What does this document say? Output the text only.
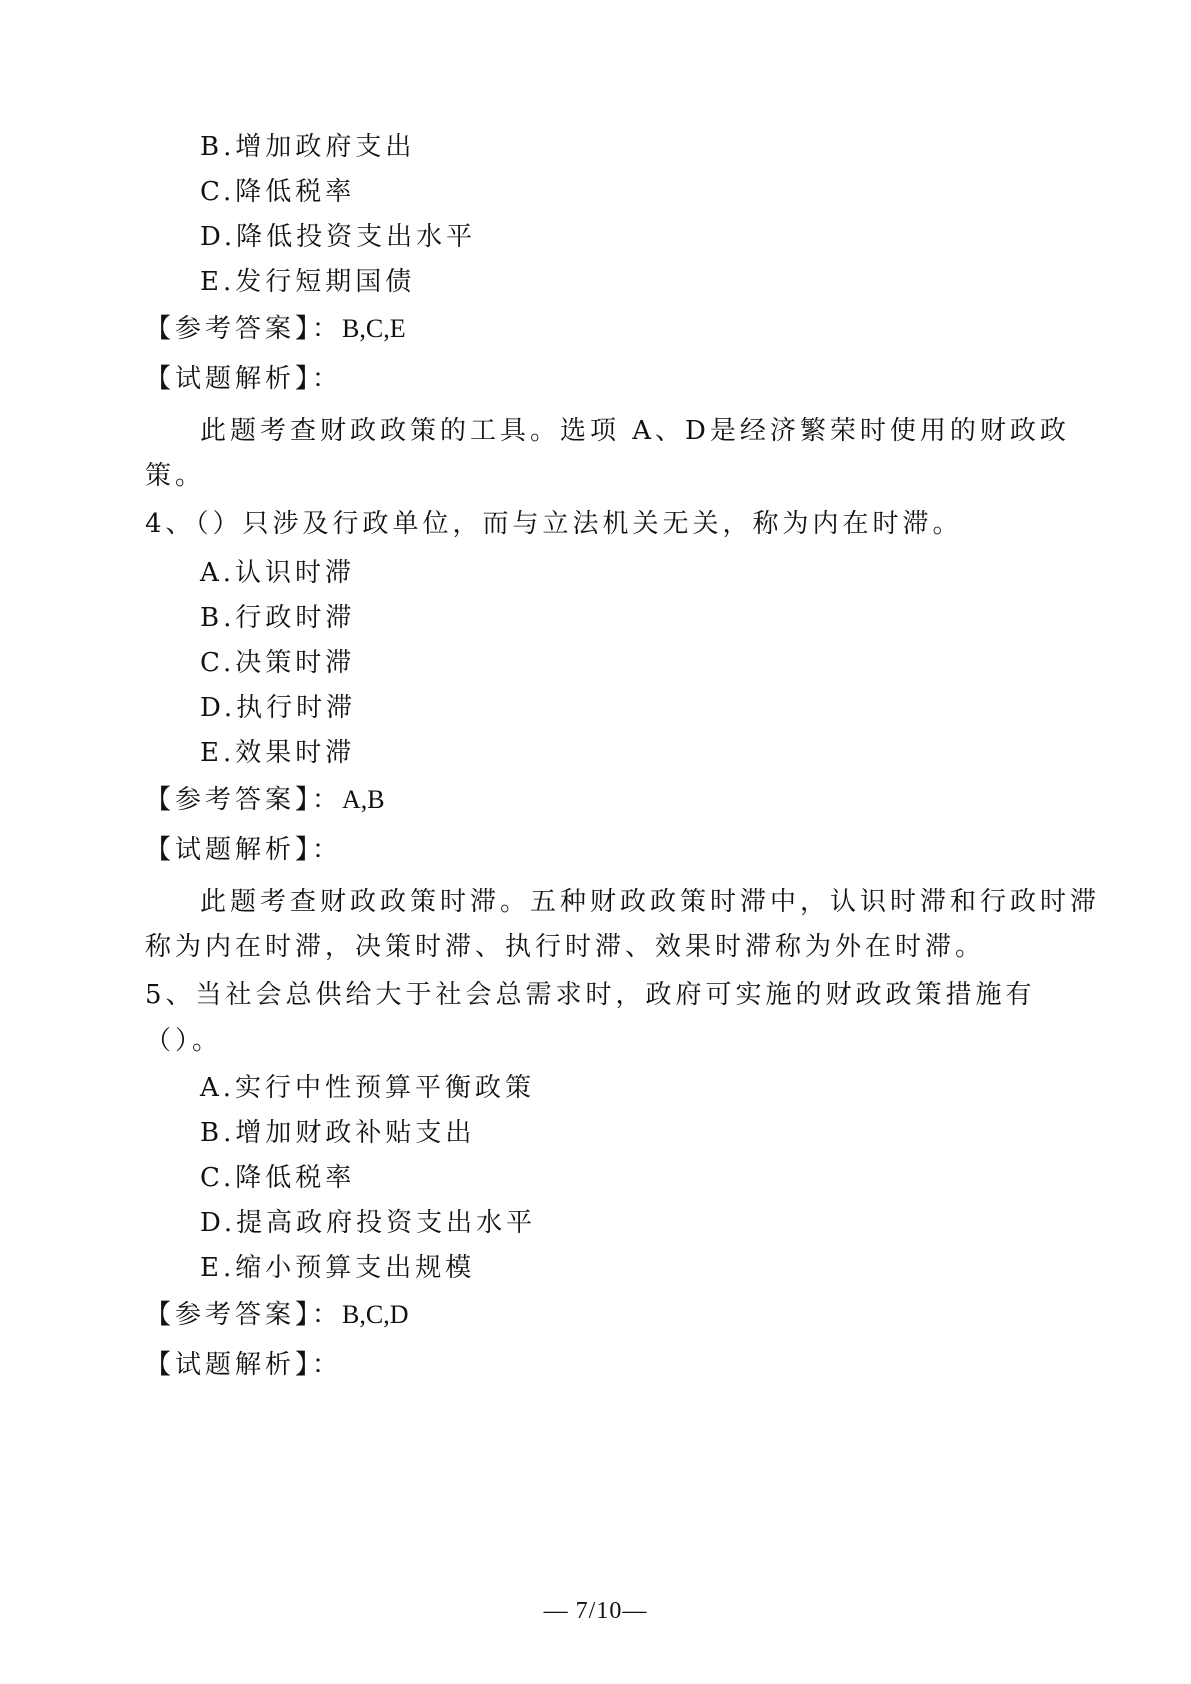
B.增加政府支出
C.降低税率
D.降低投资支出水平
E.发行短期国债
【参考答案】：B,C,E
【试题解析】：
此题考查财政政策的工具。选项 A、D是经济繁荣时使用的财政政
策。
4、（）只涉及行政单位，而与立法机关无关，称为内在时滞。
A.认识时滞
B.行政时滞
C.决策时滞
D.执行时滞
E.效果时滞
【参考答案】：A,B
【试题解析】：
此题考查财政政策时滞。五种财政政策时滞中，认识时滞和行政时滞
称为内在时滞，决策时滞、执行时滞、效果时滞称为外在时滞。
5、当社会总供给大于社会总需求时，政府可实施的财政政策措施有
（）。
A.实行中性预算平衡政策
B.增加财政补贴支出
C.降低税率
D.提高政府投资支出水平
E.缩小预算支出规模
【参考答案】：B,C,D
【试题解析】：
— 7/10—
